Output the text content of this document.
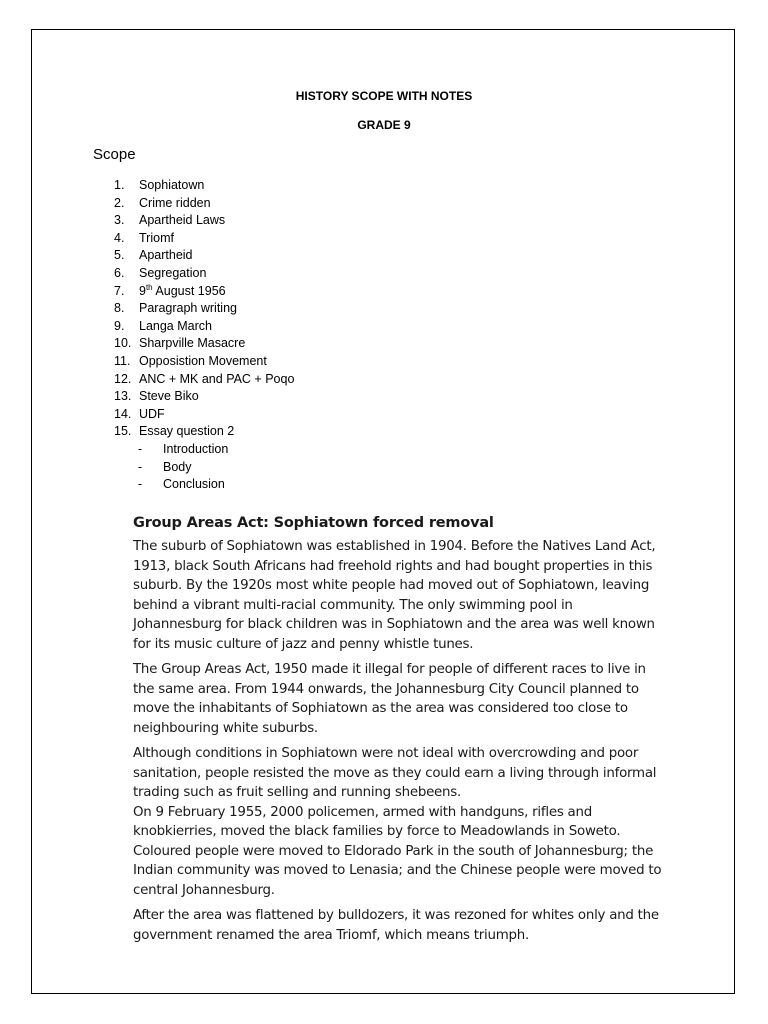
HISTORY SCOPE WITH NOTES
GRADE 9
Scope
1. Sophiatown
2. Crime ridden
3. Apartheid Laws
4. Triomf
5. Apartheid
6. Segregation
7. 9th August 1956
8. Paragraph writing
9. Langa March
10. Sharpville Masacre
11. Opposistion Movement
12. ANC + MK and PAC + Poqo
13. Steve Biko
14. UDF
15. Essay question 2
- Introduction
- Body
- Conclusion
Group Areas Act: Sophiatown forced removal

The suburb of Sophiatown was established in 1904. Before the Natives Land Act, 1913, black South Africans had freehold rights and had bought properties in this suburb. By the 1920s most white people had moved out of Sophiatown, leaving behind a vibrant multi-racial community. The only swimming pool in Johannesburg for black children was in Sophiatown and the area was well known for its music culture of jazz and penny whistle tunes.

The Group Areas Act, 1950 made it illegal for people of different races to live in the same area. From 1944 onwards, the Johannesburg City Council planned to move the inhabitants of Sophiatown as the area was considered too close to neighbouring white suburbs.

Although conditions in Sophiatown were not ideal with overcrowding and poor sanitation, people resisted the move as they could earn a living through informal trading such as fruit selling and running shebeens.

On 9 February 1955, 2000 policemen, armed with handguns, rifles and knobkierries, moved the black families by force to Meadowlands in Soweto. Coloured people were moved to Eldorado Park in the south of Johannesburg; the Indian community was moved to Lenasia; and the Chinese people were moved to central Johannesburg.

After the area was flattened by bulldozers, it was rezoned for whites only and the government renamed the area Triomf, which means triumph.
